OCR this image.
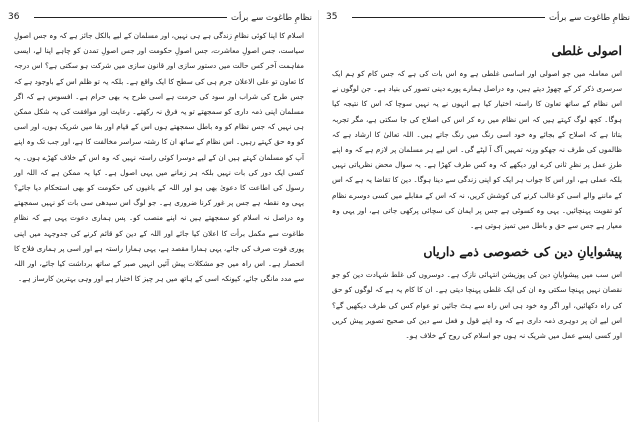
36	نظامِ طاغوت سے برأت

اسلام کا اپنا کوئی نظامِ زندگی ہے ہی نہیں، اور مسلمان کے لیے بالکل جائز ہے کہ وہ جس اصولِ سیاست، جس اصولِ معاشرت، جس اصولِ حکومت اور جس اصولِ تمدن کو چاہے اپنا لے، ایسی مفاہمت آخر کس حالت میں دستور سازی اور قانون سازی میں شرکت ہو سکتی ہے؟ اس درجہ کا تعاون تو علی الاعلان جرم ہی کی سطح کا ایک واقع ہے۔ بلکہ یہ تو ظلم اس کے باوجود ہے کہ جس طرح کی شراب اور سود کی حرمت ہے اسی طرح یہ بھی حرام ہے۔ افسوس ہے کہ اگر مسلمان اپنی ذمہ داری کو سمجھتے تو یہ فرق نہ رکھتے۔ رعایت اور موافقت کی یہ شکل ممکن ہی نہیں کہ جس نظام کو وہ باطل سمجھتے ہوں اس کے قیام اور بقا میں شریک ہوں، اور اسی کو وہ حق کہتے رہیں۔ اس نظام کے ساتھ ان کا رشتہ سراسر مخالفت کا ہے، اور جب تک وہ اپنے آپ کو مسلمان کہتے ہیں ان کے لیے دوسرا کوئی راستہ نہیں کہ وہ اس کے خلاف کھڑے ہوں۔ یہ کسی ایک دور کی بات نہیں بلکہ ہر زمانے میں یہی اصول ہے۔ کیا یہ ممکن ہے کہ اللہ اور رسول کی اطاعت کا دعویٰ بھی ہو اور اللہ کے باغیوں کی حکومت کو بھی استحکام دیا جائے؟ یہی وہ نقطہ ہے جس پر غور کرنا ضروری ہے۔ جو لوگ اس سیدھی سی بات کو نہیں سمجھتے وہ دراصل نہ اسلام کو سمجھتے ہیں نہ اپنے منصب کو۔ پس ہماری دعوت یہی ہے کہ نظامِ طاغوت سے مکمل برأت کا اعلان کیا جائے اور اللہ کے دین کو قائم کرنے کی جدوجہد میں اپنی پوری قوت صرف کی جائے، یہی ہمارا مقصد ہے، یہی ہمارا راستہ ہے اور اسی پر ہماری فلاح کا انحصار ہے۔ اس راہ میں جو مشکلات پیش آئیں انہیں صبر کے ساتھ برداشت کیا جائے، اور اللہ سے مدد مانگی جائے، کیونکہ اسی کے ہاتھ میں ہر چیز کا اختیار ہے اور وہی بہترین کارساز ہے۔

35	نظامِ طاغوت سے برأت
اصولی غلطی

اس معاملہ میں جو اصولی اور اساسی غلطی ہے وہ اس بات کی ہے کہ جس کام کو ہم ایک سرسری ذکر کر کے چھوڑ دیتے ہیں، وہ دراصل ہمارے پورے دینی تصور کی بنیاد ہے۔ جن لوگوں نے اس نظام کے ساتھ تعاون کا راستہ اختیار کیا ہے انہوں نے یہ نہیں سوچا کہ اس کا نتیجہ کیا ہوگا۔ کچھ لوگ کہتے ہیں کہ اس نظام میں رہ کر اس کی اصلاح کی جا سکتی ہے، مگر تجربہ بتاتا ہے کہ اصلاح کے بجائے وہ خود اسی رنگ میں رنگ جاتے ہیں۔ اللہ تعالیٰ کا ارشاد ہے کہ ظالموں کی طرف نہ جھکو ورنہ تمہیں آگ آ لپٹے گی۔ اس لیے ہر مسلمان پر لازم ہے کہ وہ اپنے طرزِ عمل پر نظرِ ثانی کرے اور دیکھے کہ وہ کس طرف کھڑا ہے۔ یہ سوال محض نظریاتی نہیں بلکہ عملی ہے، اور اس کا جواب ہر ایک کو اپنی زندگی سے دینا ہوگا۔ دین کا تقاضا یہ ہے کہ اس کے ماننے والے اسی کو غالب کرنے کی کوشش کریں، نہ کہ اس کے مقابلے میں کسی دوسرے نظام کو تقویت پہنچائیں۔ یہی وہ کسوٹی ہے جس پر ایمان کی سچائی پرکھی جاتی ہے، اور یہی وہ معیار ہے جس سے حق و باطل میں تمیز ہوتی ہے۔

پیشوایانِ دین کی خصوصی ذمے داریاں

اس سب میں پیشوایانِ دین کی پوزیشن انتہائی نازک ہے۔ دوسروں کی غلط شہادت دین کو جو نقصان نہیں پہنچا سکتی وہ ان کی ایک غلطی پہنچا دیتی ہے۔ ان کا کام یہ ہے کہ لوگوں کو حق کی راہ دکھائیں، اور اگر وہ خود ہی اس راہ سے ہٹ جائیں تو عوام کس کی طرف دیکھیں گے؟ اس لیے ان پر دوہری ذمہ داری ہے کہ وہ اپنے قول و فعل سے دین کی صحیح تصویر پیش کریں اور کسی ایسے عمل میں شریک نہ ہوں جو اسلام کی روح کے خلاف ہو۔
